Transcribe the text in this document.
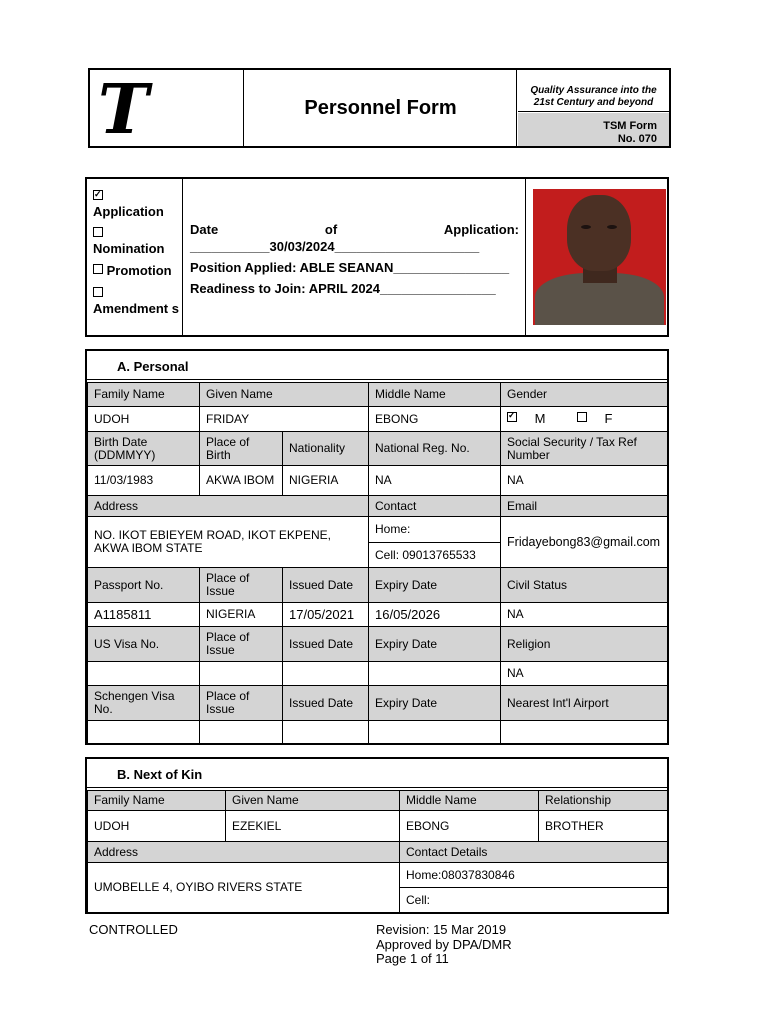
T	Personnel Form
Quality Assurance into the
21st Century and beyond
TSM Form
No. 070
✓
Application

Nomination
Promotion

Amendment s
Date	of	Application:
___________30/03/2024____________________
Position Applied: ABLE SEANAN________________
Readiness to Join: APRIL 2024________________
A. Personal
Family Name	Given Name		Middle Name	Gender
UDOH	FRIDAY		EBONG	✓M F
Birth Date (DDMMYY)	Place of Birth	Nationality	National Reg. No.	Social Security / Tax Ref Number
11/03/1983	AKWA IBOM	NIGERIA	NA	NA
Address			Contact	Email
NO. IKOT EBIEYEM ROAD, IKOT EKPENE, AKWA IBOM STATE			Home:	Fridayebong83@gmail.com
			Cell: 09013765533	
Passport No.	Place of Issue	Issued Date	Expiry Date	Civil Status
A1185811	NIGERIA	17/05/2021	16/05/2026	NA
US Visa No.	Place of Issue	Issued Date	Expiry Date	Religion
				NA
Schengen Visa No.	Place of Issue	Issued Date	Expiry Date	Nearest Int'l Airport

B. Next of Kin
Family Name	Given Name	Middle Name	Relationship
UDOH	EZEKIEL	EBONG	BROTHER
Address		Contact Details	
UMOBELLE 4, OYIBO RIVERS STATE		Home:08037830846	
		Cell:	
CONTROLLED	Revision: 15 Mar 2019
Approved by DPA/DMR
Page 1 of 11
